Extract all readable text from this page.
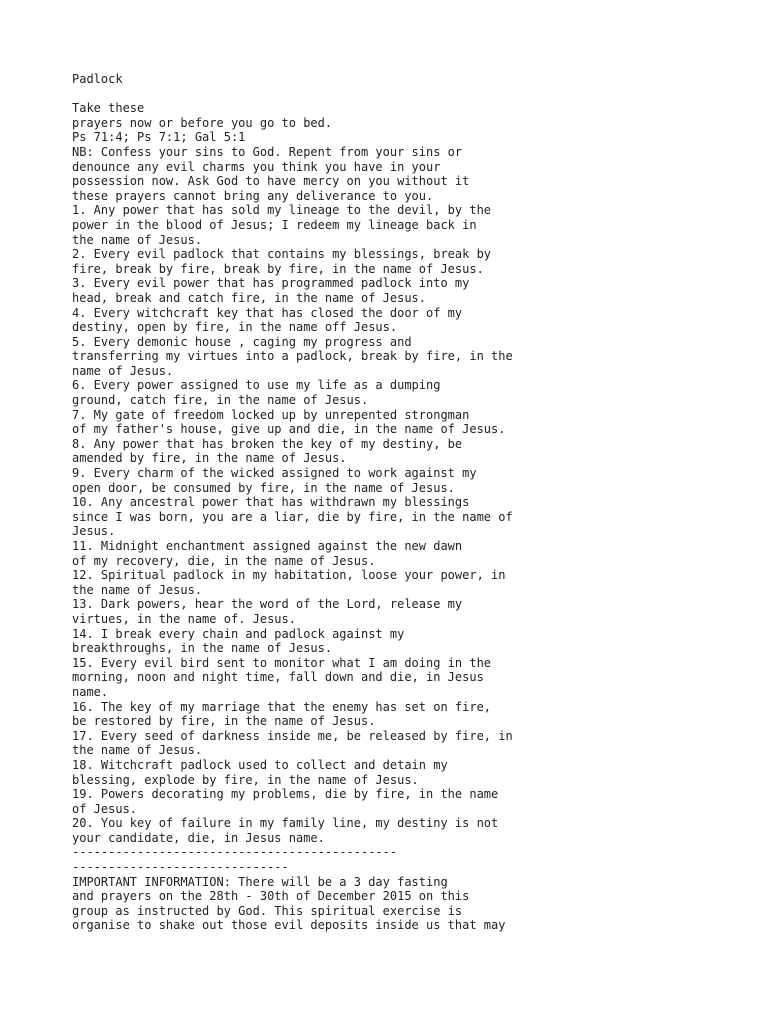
Padlock
Take these
prayers now or before you go to bed.
Ps 71:4; Ps 7:1; Gal 5:1
NB: Confess your sins to God. Repent from your sins or
denounce any evil charms you think you have in your
possession now. Ask God to have mercy on you without it
these prayers cannot bring any deliverance to you.
1. Any power that has sold my lineage to the devil, by the
power in the blood of Jesus; I redeem my lineage back in
the name of Jesus.
2. Every evil padlock that contains my blessings, break by
fire, break by fire, break by fire, in the name of Jesus.
3. Every evil power that has programmed padlock into my
head, break and catch fire, in the name of Jesus.
4. Every witchcraft key that has closed the door of my
destiny, open by fire, in the name off Jesus.
5. Every demonic house , caging my progress and
transferring my virtues into a padlock, break by fire, in the
name of Jesus.
6. Every power assigned to use my life as a dumping
ground, catch fire, in the name of Jesus.
7. My gate of freedom locked up by unrepented strongman
of my father's house, give up and die, in the name of Jesus.
8. Any power that has broken the key of my destiny, be
amended by fire, in the name of Jesus.
9. Every charm of the wicked assigned to work against my
open door, be consumed by fire, in the name of Jesus.
10. Any ancestral power that has withdrawn my blessings
since I was born, you are a liar, die by fire, in the name of
Jesus.
11. Midnight enchantment assigned against the new dawn
of my recovery, die, in the name of Jesus.
12. Spiritual padlock in my habitation, loose your power, in
the name of Jesus.
13. Dark powers, hear the word of the Lord, release my
virtues, in the name of. Jesus.
14. I break every chain and padlock against my
breakthroughs, in the name of Jesus.
15. Every evil bird sent to monitor what I am doing in the
morning, noon and night time, fall down and die, in Jesus
name.
16. The key of my marriage that the enemy has set on fire,
be restored by fire, in the name of Jesus.
17. Every seed of darkness inside me, be released by fire, in
the name of Jesus.
18. Witchcraft padlock used to collect and detain my
blessing, explode by fire, in the name of Jesus.
19. Powers decorating my problems, die by fire, in the name
of Jesus.
20. You key of failure in my family line, my destiny is not
your candidate, die, in Jesus name.
---------------------------------------------
------------------------------
IMPORTANT INFORMATION: There will be a 3 day fasting
and prayers on the 28th - 30th of December 2015 on this
group as instructed by God. This spiritual exercise is
organise to shake out those evil deposits inside us that may
